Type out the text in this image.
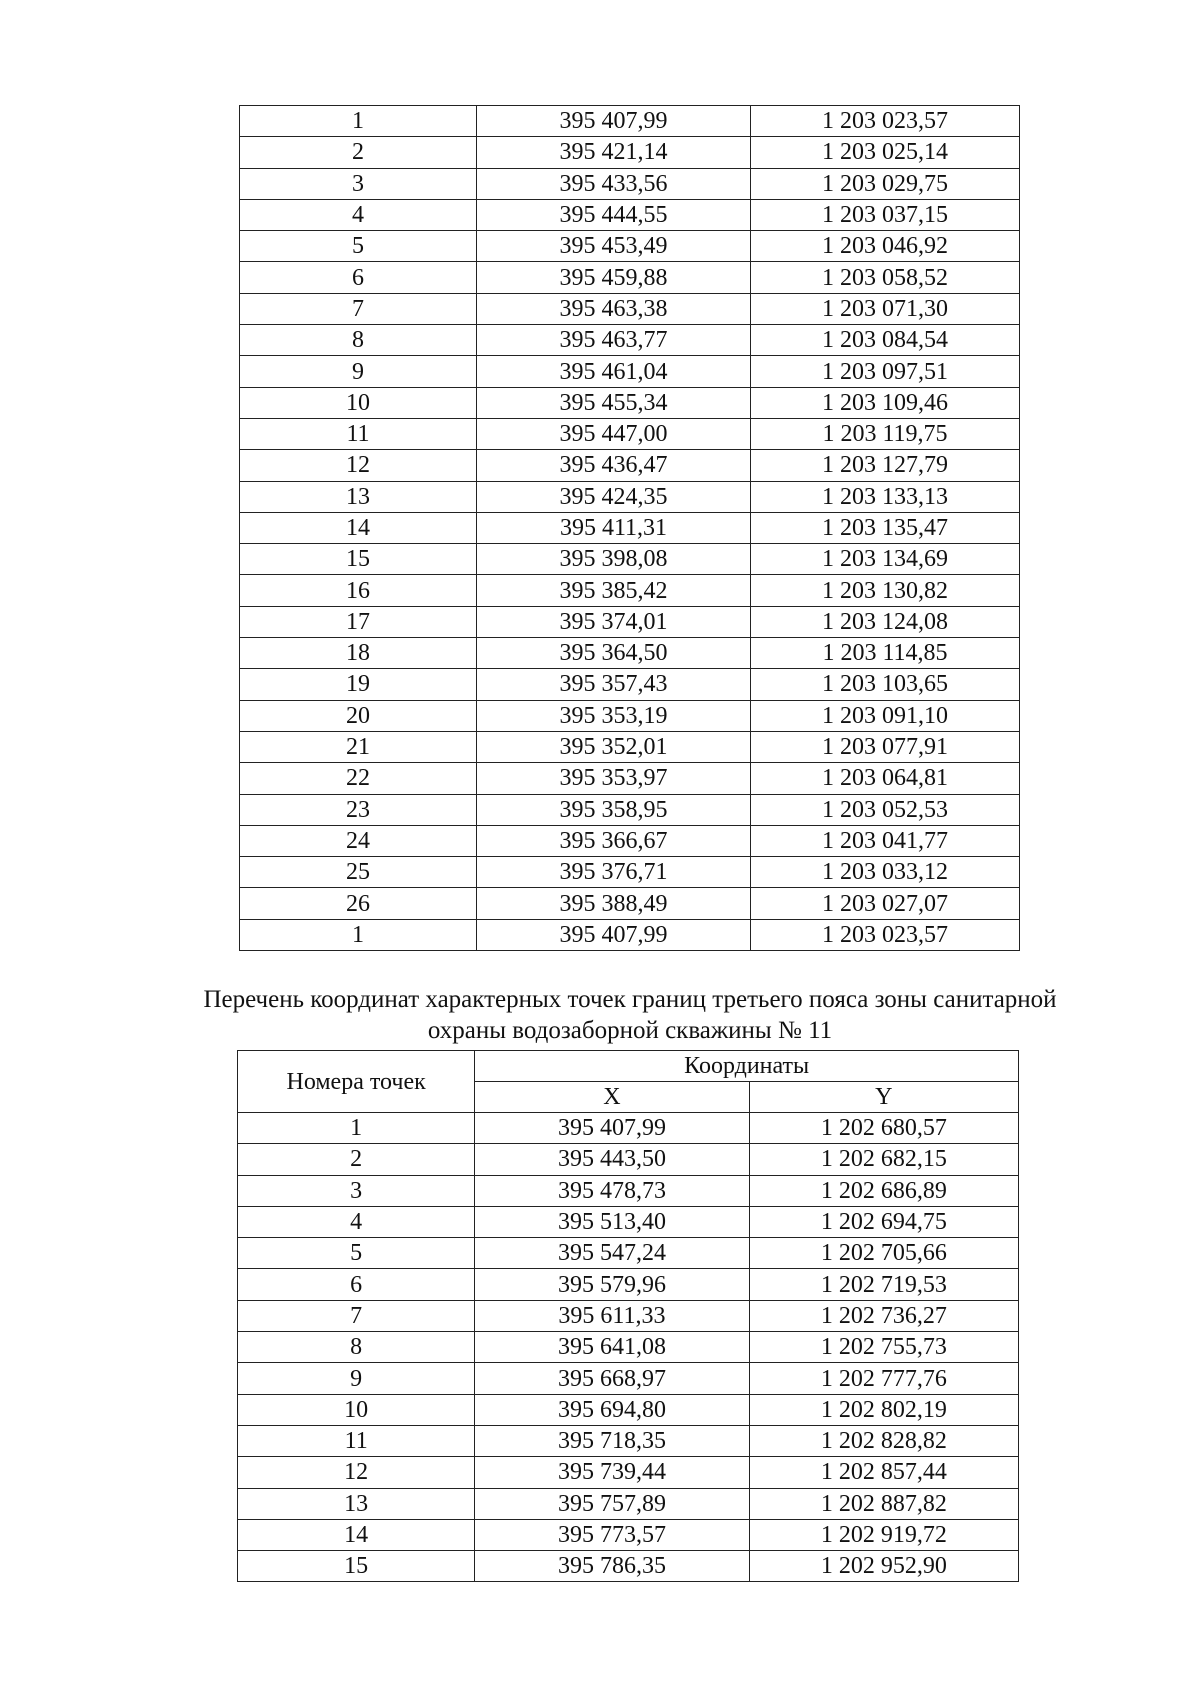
1	395 407,99	1 203 023,57
2	395 421,14	1 203 025,14
3	395 433,56	1 203 029,75
4	395 444,55	1 203 037,15
5	395 453,49	1 203 046,92
6	395 459,88	1 203 058,52
7	395 463,38	1 203 071,30
8	395 463,77	1 203 084,54
9	395 461,04	1 203 097,51
10	395 455,34	1 203 109,46
11	395 447,00	1 203 119,75
12	395 436,47	1 203 127,79
13	395 424,35	1 203 133,13
14	395 411,31	1 203 135,47
15	395 398,08	1 203 134,69
16	395 385,42	1 203 130,82
17	395 374,01	1 203 124,08
18	395 364,50	1 203 114,85
19	395 357,43	1 203 103,65
20	395 353,19	1 203 091,10
21	395 352,01	1 203 077,91
22	395 353,97	1 203 064,81
23	395 358,95	1 203 052,53
24	395 366,67	1 203 041,77
25	395 376,71	1 203 033,12
26	395 388,49	1 203 027,07
1	395 407,99	1 203 023,57
Перечень координат характерных точек границ третьего пояса зоны санитарной
охраны водозаборной скважины № 11
Номера точек	Координаты	
	X	Y
1	395 407,99	1 202 680,57
2	395 443,50	1 202 682,15
3	395 478,73	1 202 686,89
4	395 513,40	1 202 694,75
5	395 547,24	1 202 705,66
6	395 579,96	1 202 719,53
7	395 611,33	1 202 736,27
8	395 641,08	1 202 755,73
9	395 668,97	1 202 777,76
10	395 694,80	1 202 802,19
11	395 718,35	1 202 828,82
12	395 739,44	1 202 857,44
13	395 757,89	1 202 887,82
14	395 773,57	1 202 919,72
15	395 786,35	1 202 952,90
